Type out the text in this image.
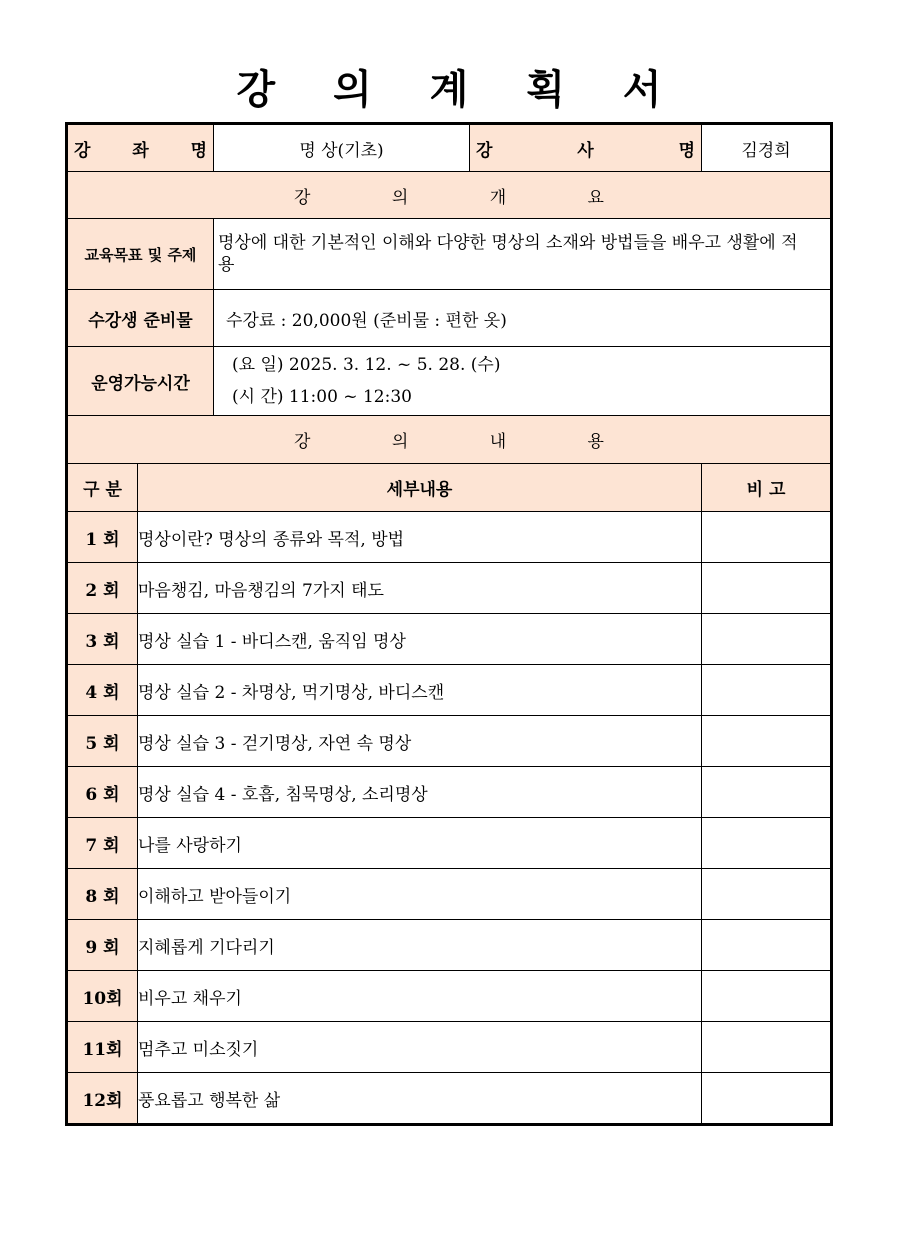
강 의 계 획 서
강 좌 명		명 상(기초)	강 사 명	김경희
강 의 개 요				
교육목표 및 주제		명상에 대한 기본적인 이해와 다양한 명상의 소재와 방법들을 배우고 생활에 적용		
수강생 준비물		수강료 : 20,000원 (준비물 : 편한 옷)		
운영가능시간		(요 일) 2025. 3. 12. ~ 5. 28. (수)
(시 간) 11:00 ~ 12:30		

강 의 내 용				
구 분	세부내용			비 고
1 회	명상이란? 명상의 종류와 목적, 방법			
2 회	마음챙김, 마음챙김의 7가지 태도			
3 회	명상 실습 1 - 바디스캔, 움직임 명상			
4 회	명상 실습 2 - 차명상, 먹기명상, 바디스캔			
5 회	명상 실습 3 - 걷기명상, 자연 속 명상			
6 회	명상 실습 4 - 호흡, 침묵명상, 소리명상			
7 회	나를 사랑하기			
8 회	이해하고 받아들이기			
9 회	지혜롭게 기다리기			
10회	비우고 채우기			
11회	멈추고 미소짓기			
12회	풍요롭고 행복한 삶			
